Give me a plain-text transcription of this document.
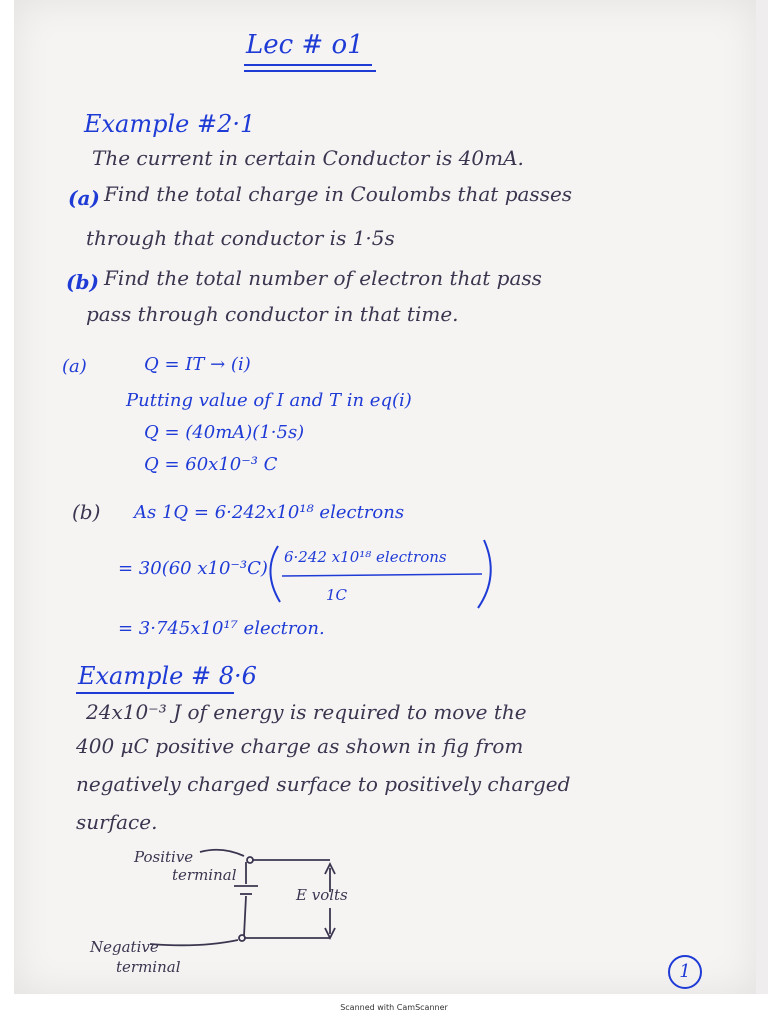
Lec # o1
Example #2·1
The current in certain Conductor is 40mA.
(a) Find the total charge in Coulombs that passes
through that conductor is 1·5s
(b) Find the total number of electron that pass
pass through conductor in that time.
(a)	Q = IT → (i)
Putting value of I and T in eq(i)
Q = (40mA)(1·5s)
Q = 60x10⁻³ C
(b) As 1Q = 6·242x10¹⁸ electrons
= 30(60 x10⁻³C)
6·242 x10¹⁸ electrons
1C
= 3·745x10¹⁷ electron.
Example # 8·6
24x10⁻³ J of energy is required to move the
400 μC positive charge as shown in fig from
negatively charged surface to positively charged
surface.
Positive
terminal
E volts
Negative
terminal	1
Scanned with CamScanner
